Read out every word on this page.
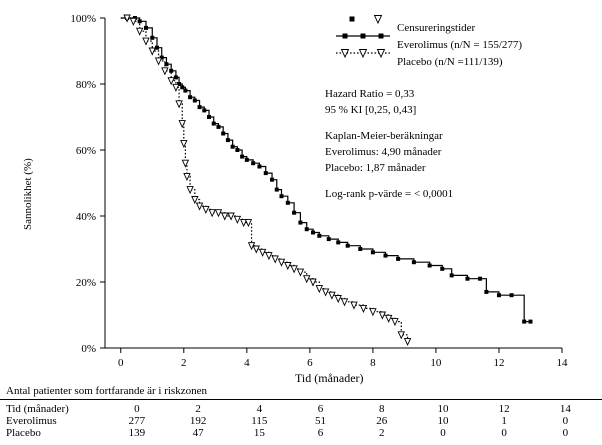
Sannolikhet (%)
Tid (månader)
0	2	4	6	8	10	12	14
0%
20%
40%
60%
80%
100%
Censureringstider
Everolimus (n/N = 155/277)
Placebo (n/N =111/139)
Hazard Ratio = 0,33
95 % KI [0,25, 0,43]
Kaplan-Meier-beräkningar
Everolimus: 4,90 månader
Placebo: 1,87 månader
Log-rank p-värde = < 0,0001
Antal patienter som fortfarande är i riskzonen
Tid (månader)	0	2	4	6	8	10	12	14
Everolimus	277	192	115	51	26	10	1	0
Placebo	139	47	15	6	2	0	0	0
